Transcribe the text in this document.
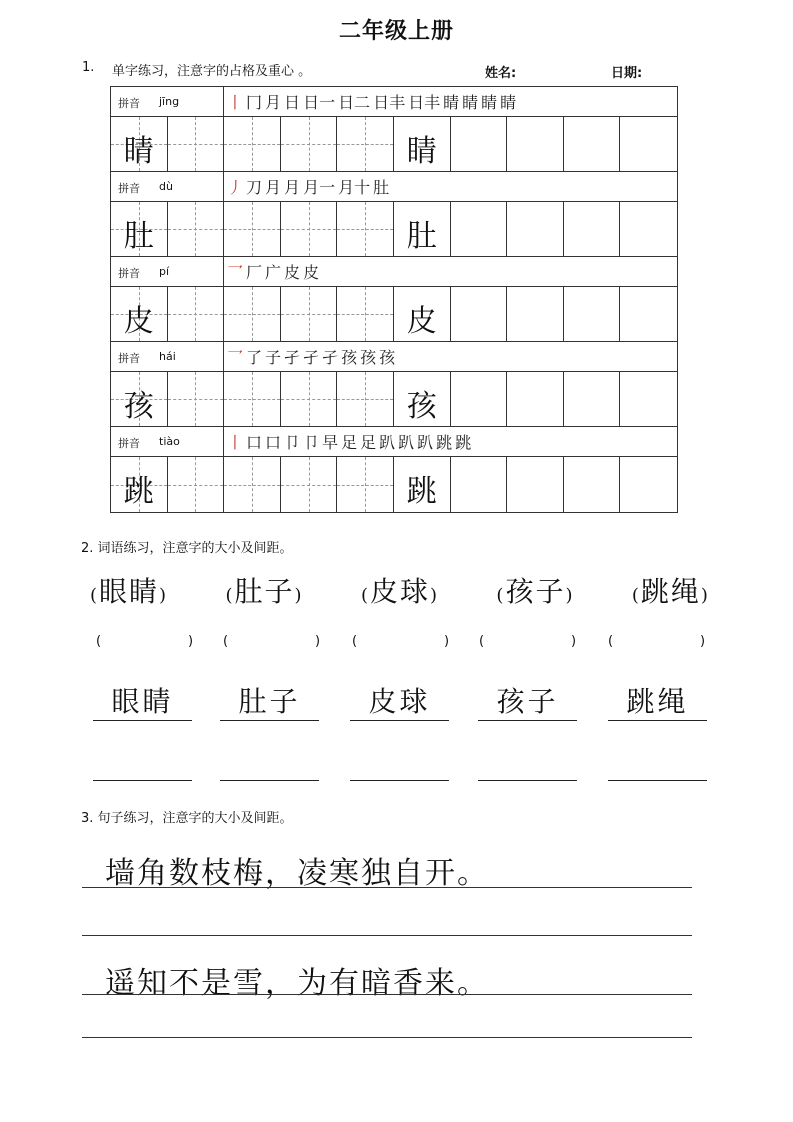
二年级上册
1. 单字练习，注意字的占格及重心 。	姓名:	日期:
拼音 jīng	丨 冂 月 日 日一 日二 日丰 日丰 睛 睛 睛 睛
睛	睛
拼音 dù	丿 刀 月 月 月一 月十 肚
肚	肚
拼音 pí	乛 厂 广 皮 皮
皮	皮
拼音 hái	乛 了 子 孑 孑 孑 孩 孩 孩
孩	孩
拼音 tiào	丨 口 口 卩 卩 早 足 足 趴 趴 趴 跳 跳
跳	跳
2. 词语练习，注意字的大小及间距。
(眼睛)	(肚子)	(皮球)	(孩子)	(跳绳)
(	) (	) (	) (	) (	)
眼睛	肚子	皮球	孩子	跳绳
3. 句子练习，注意字的大小及间距。
墙角数枝梅，凌寒独自开。
遥知不是雪，为有暗香来。
